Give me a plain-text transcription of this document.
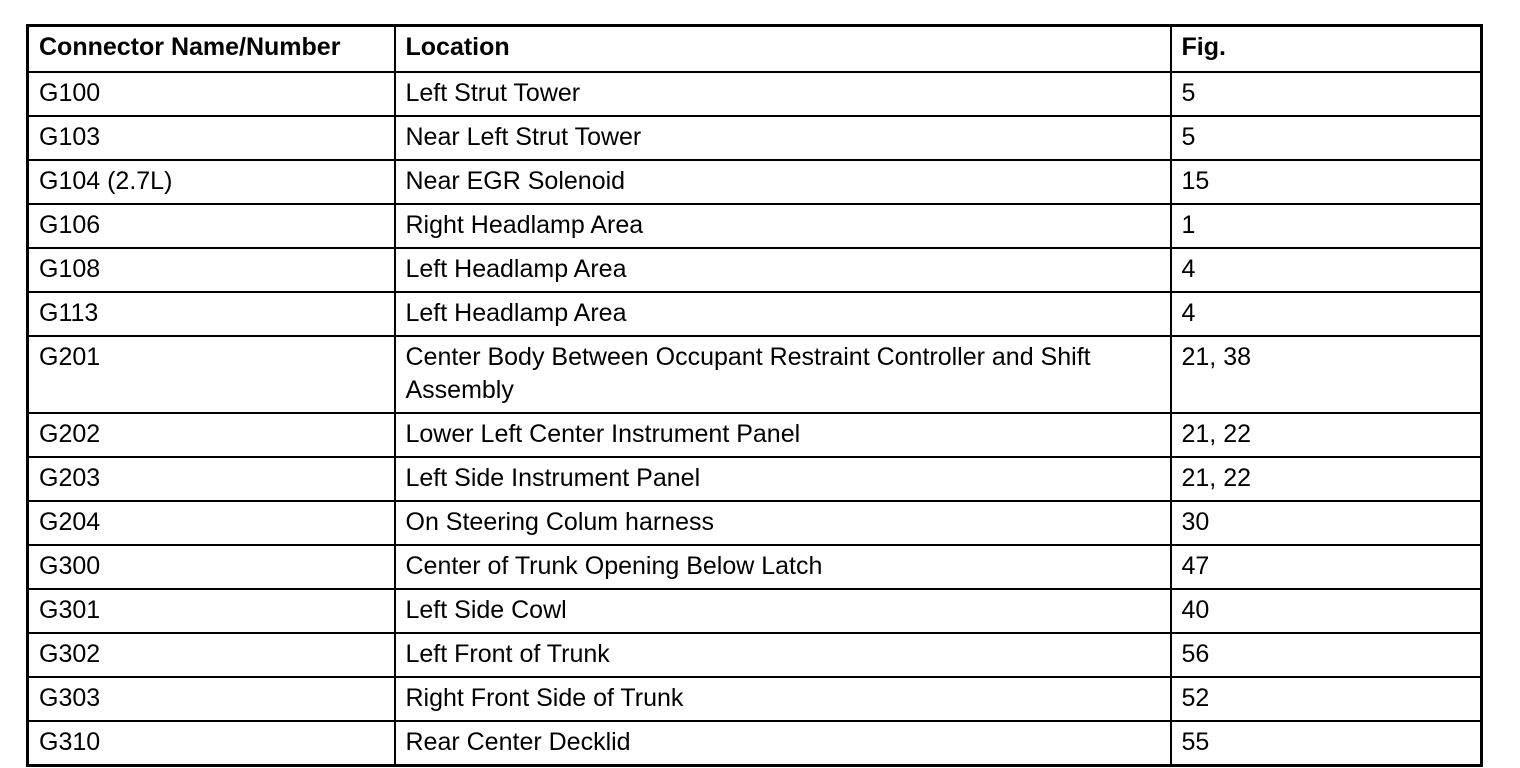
Connector Name/Number	Location	Fig.
G100	Left Strut Tower	5
G103	Near Left Strut Tower	5
G104 (2.7L)	Near EGR Solenoid	15
G106	Right Headlamp Area	1
G108	Left Headlamp Area	4
G113	Left Headlamp Area	4
G201	Center Body Between Occupant Restraint Controller and Shift Assembly	21, 38
G202	Lower Left Center Instrument Panel	21, 22
G203	Left Side Instrument Panel	21, 22
G204	On Steering Colum harness	30
G300	Center of Trunk Opening Below Latch	47
G301	Left Side Cowl	40
G302	Left Front of Trunk	56
G303	Right Front Side of Trunk	52
G310	Rear Center Decklid	55
